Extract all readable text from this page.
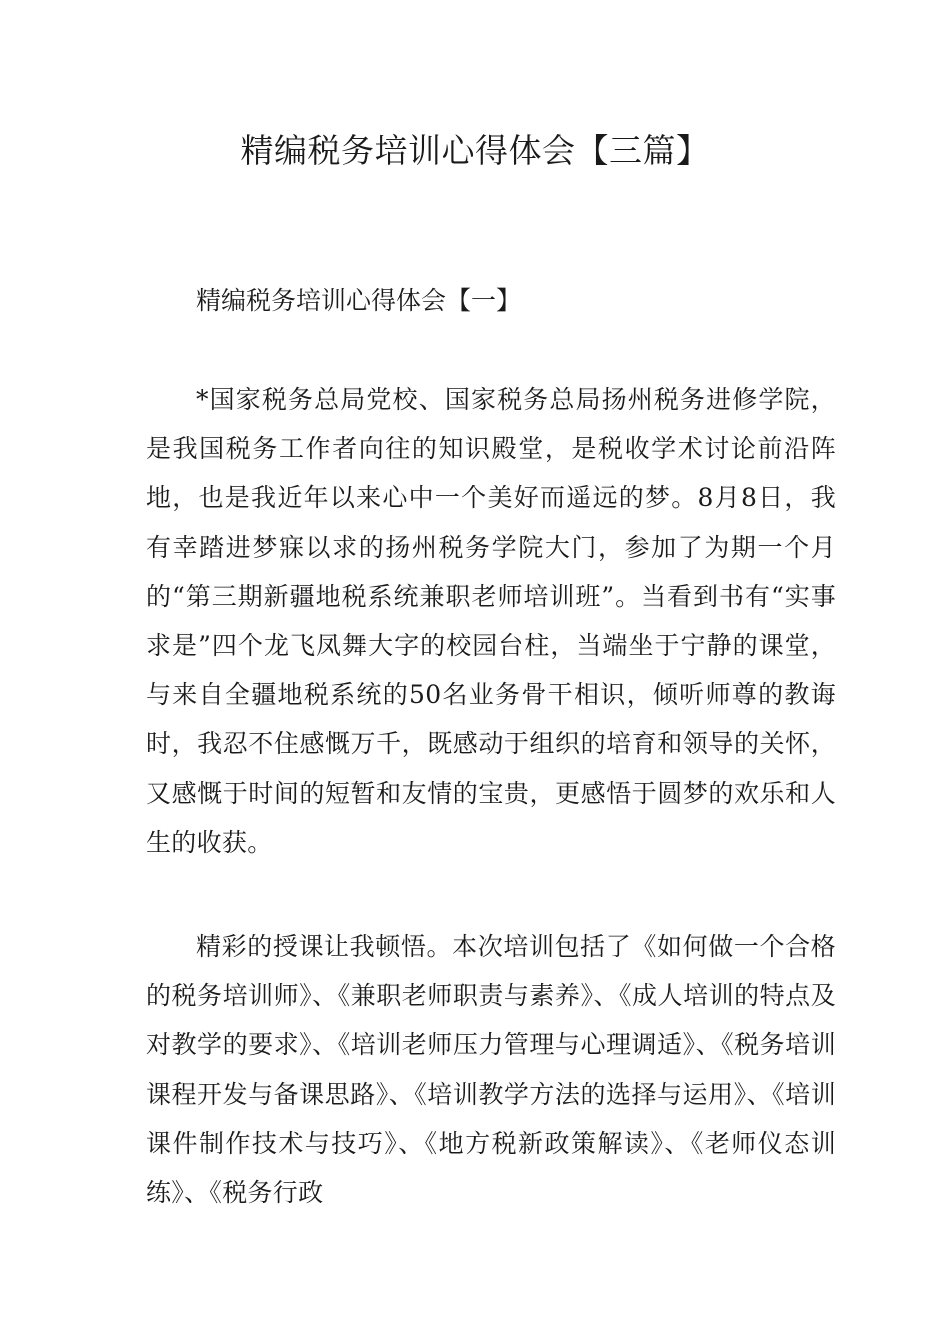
精编税务培训心得体会【三篇】
精编税务培训心得体会【一】

*国家税务总局党校、国家税务总局扬州税务进修学院，是我国税务工作者向往的知识殿堂，是税收学术讨论前沿阵地，也是我近年以来心中一个美好而遥远的梦。8月8日，我有幸踏进梦寐以求的扬州税务学院大门，参加了为期一个月的“第三期新疆地税系统兼职老师培训班”。当看到书有“实事求是”四个龙飞凤舞大字的校园台柱，当端坐于宁静的课堂，与来自全疆地税系统的50名业务骨干相识，倾听师尊的教诲时，我忍不住感慨万千，既感动于组织的培育和领导的关怀，又感慨于时间的短暂和友情的宝贵，更感悟于圆梦的欢乐和人生的收获。

精彩的授课让我顿悟。本次培训包括了《如何做一个合格的税务培训师》、《兼职老师职责与素养》、《成人培训的特点及对教学的要求》、《培训老师压力管理与心理调适》、《税务培训课程开发与备课思路》、《培训教学方法的选择与运用》、《培训课件制作技术与技巧》、《地方税新政策解读》、《老师仪态训练》、《税务行政
